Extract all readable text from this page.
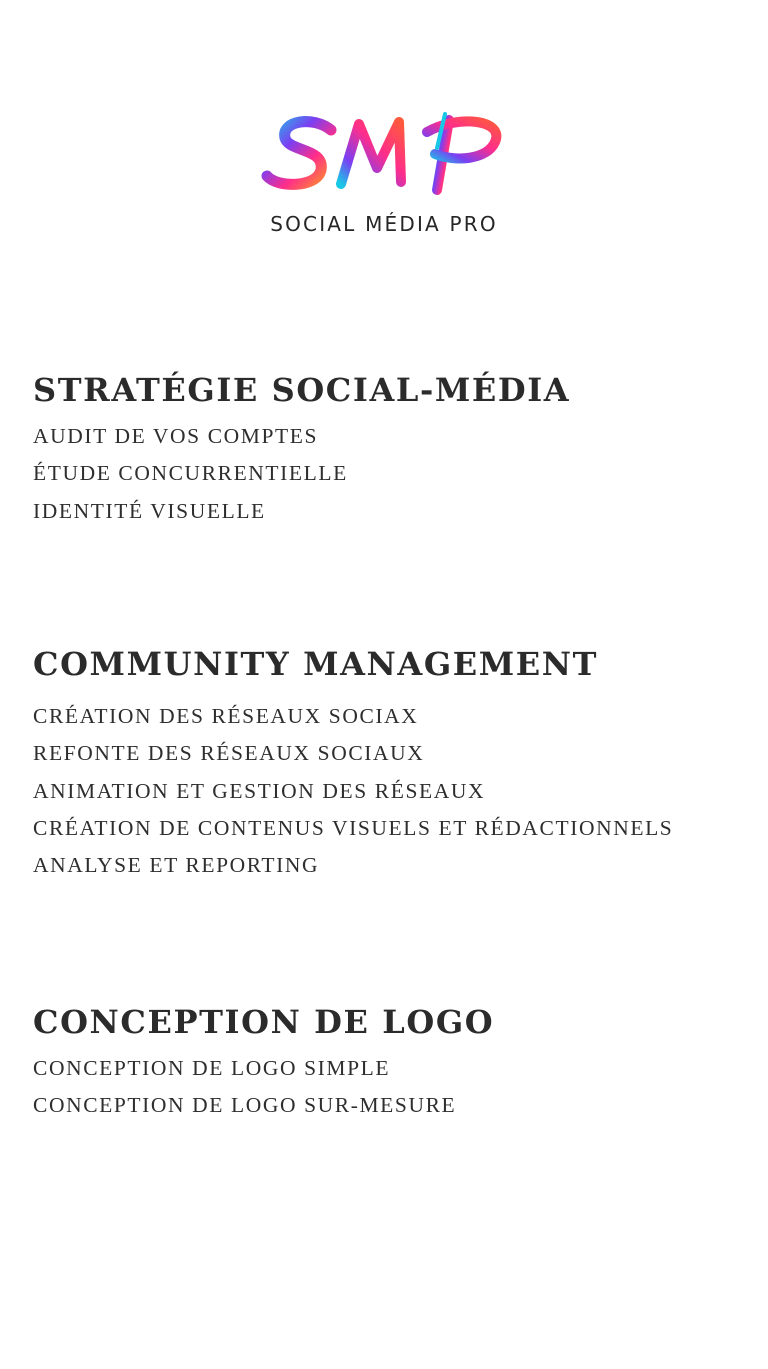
SOCIAL MÉDIA PRO
STRATÉGIE SOCIAL-MÉDIA
AUDIT DE VOS COMPTES
ÉTUDE CONCURRENTIELLE
IDENTITÉ VISUELLE
COMMUNITY MANAGEMENT
CRÉATION DES RÉSEAUX SOCIAX
REFONTE DES RÉSEAUX SOCIAUX
ANIMATION ET GESTION DES RÉSEAUX
CRÉATION DE CONTENUS VISUELS ET RÉDACTIONNELS
ANALYSE ET REPORTING
CONCEPTION DE LOGO
CONCEPTION DE LOGO SIMPLE
CONCEPTION DE LOGO SUR-MESURE
